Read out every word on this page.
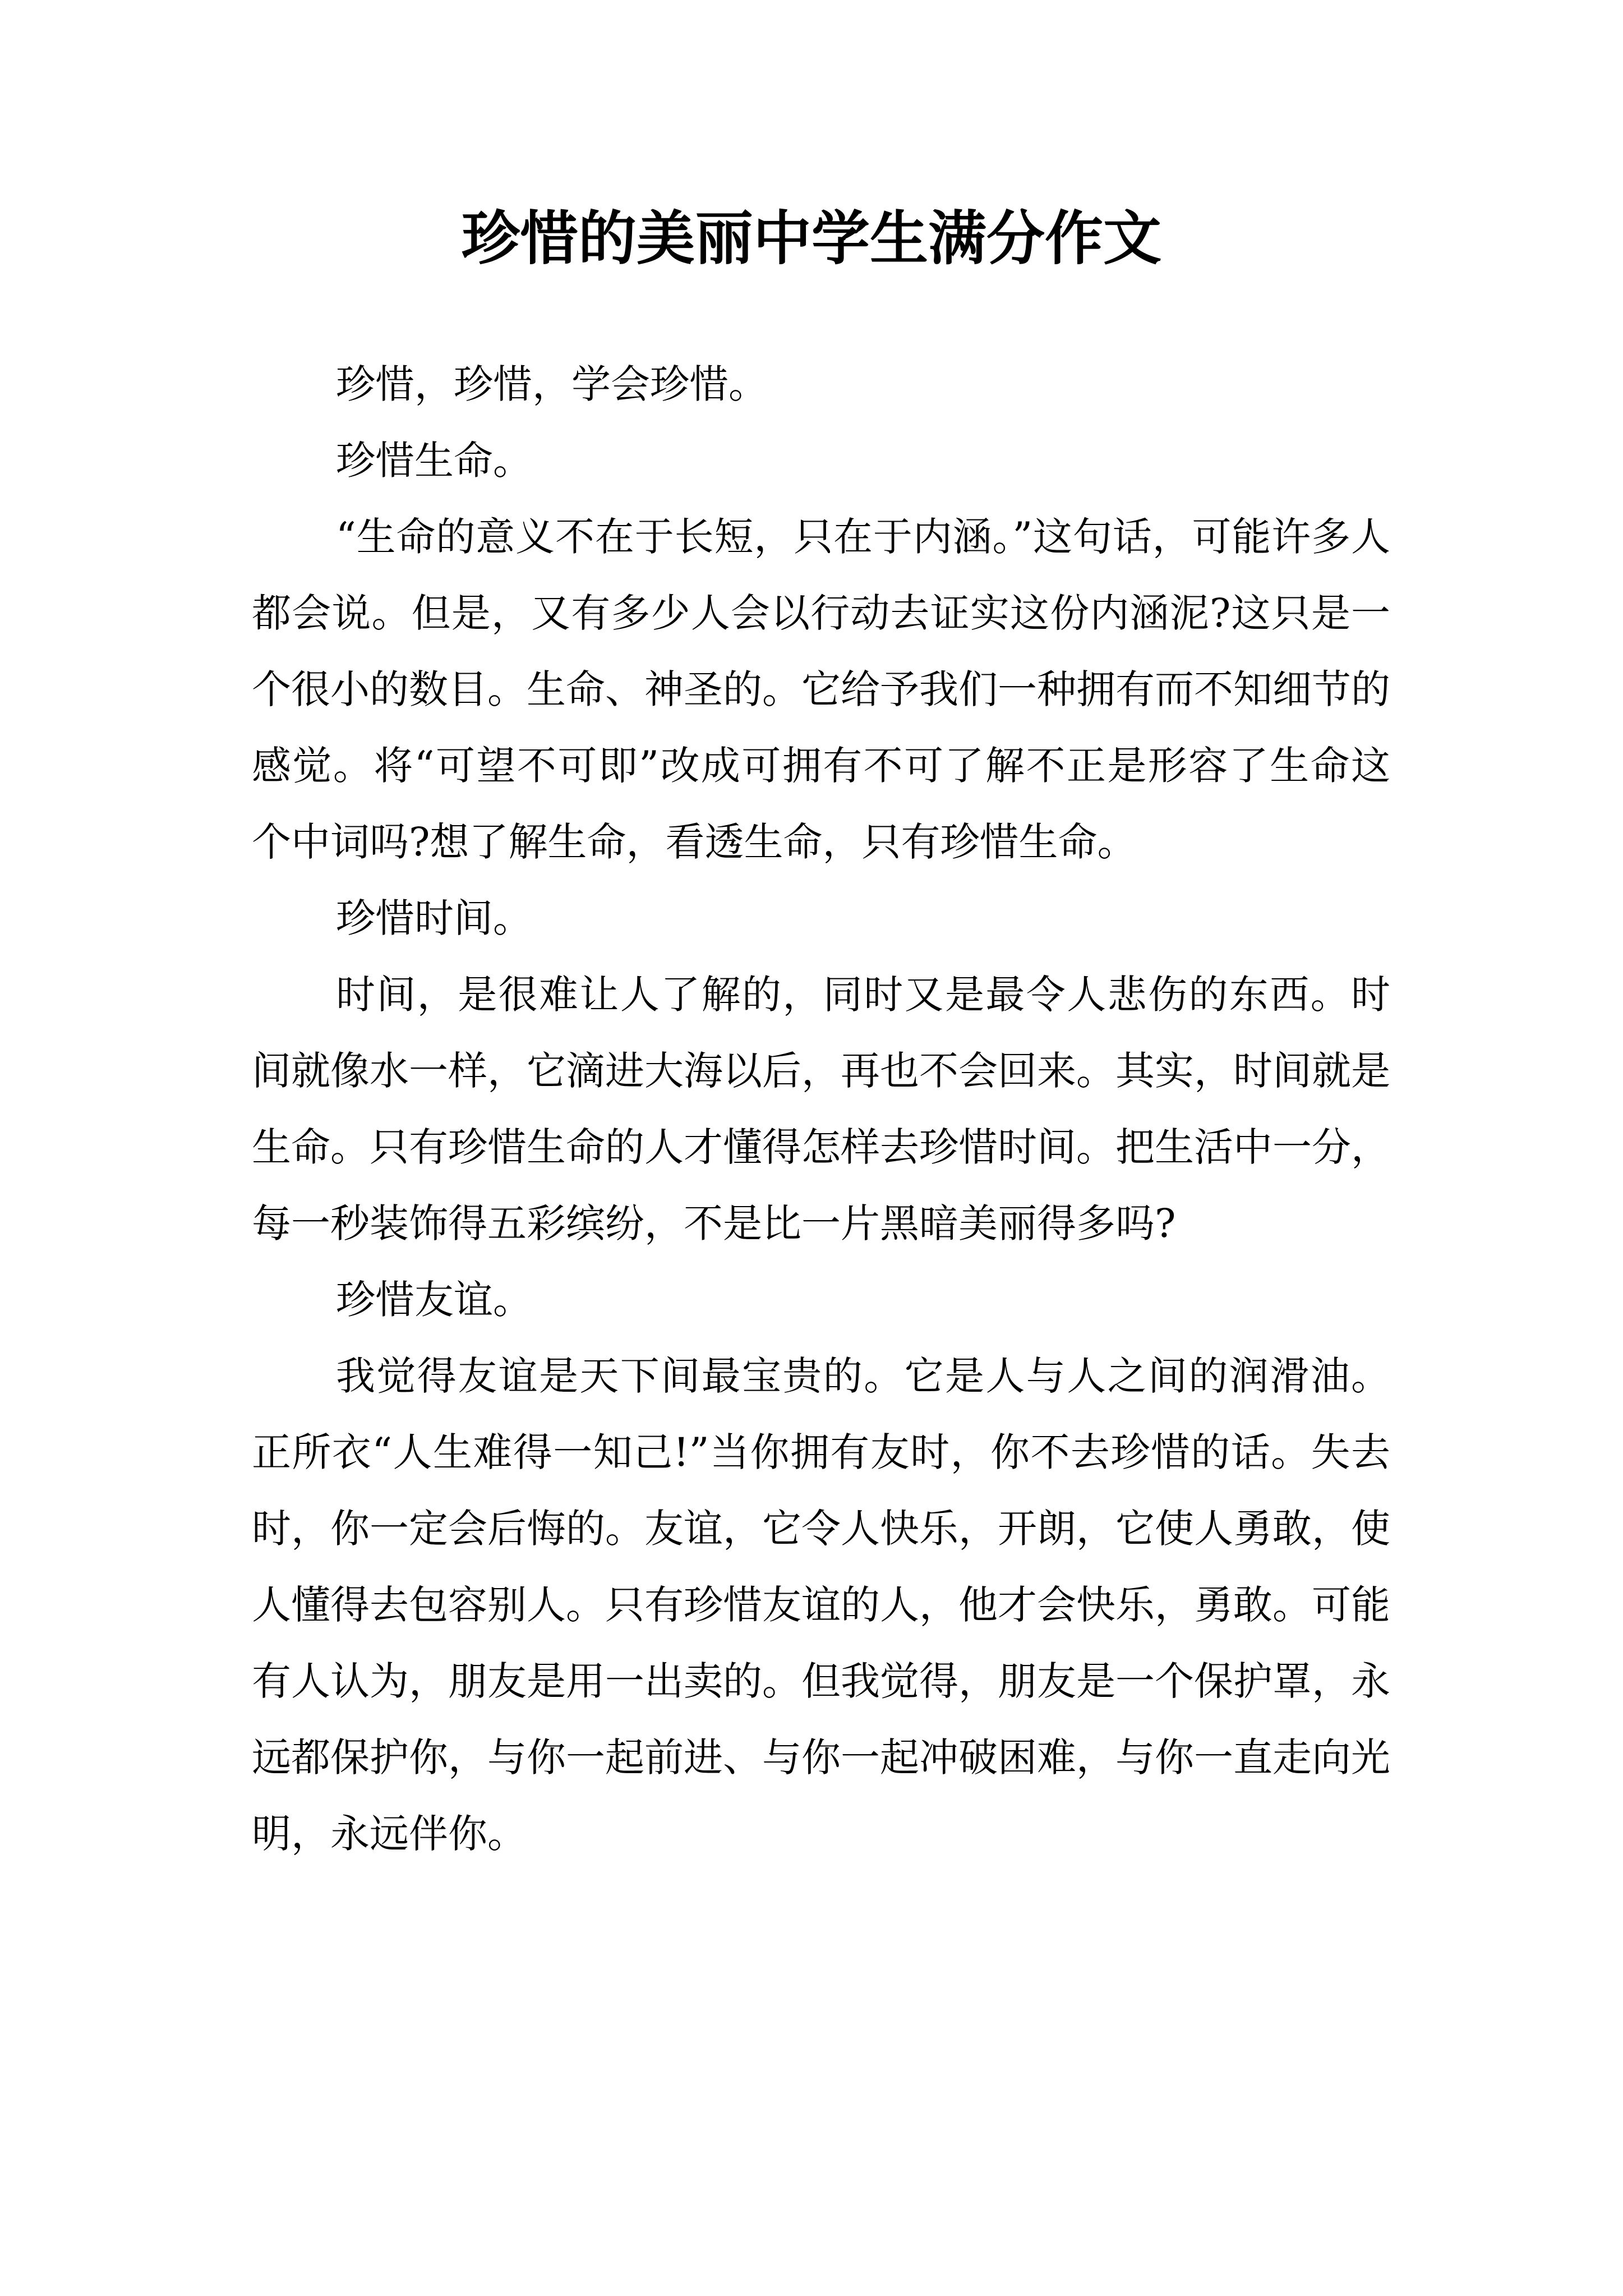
珍惜的美丽中学生满分作文

珍惜，珍惜，学会珍惜。

珍惜生命。

“生命的意义不在于长短，只在于内涵。”这句话，可能许多人都会说。但是，又有多少人会以行动去证实这份内涵泥?这只是一个很小的数目。生命、神圣的。它给予我们一种拥有而不知细节的感觉。将“可望不可即”改成可拥有不可了解不正是形容了生命这个中词吗?想了解生命，看透生命，只有珍惜生命。

珍惜时间。

时间，是很难让人了解的，同时又是最令人悲伤的东西。时间就像水一样，它滴进大海以后，再也不会回来。其实，时间就是生命。只有珍惜生命的人才懂得怎样去珍惜时间。把生活中一分，每一秒装饰得五彩缤纷，不是比一片黑暗美丽得多吗?

珍惜友谊。

我觉得友谊是天下间最宝贵的。它是人与人之间的润滑油。正所衣“人生难得一知己!”当你拥有友时，你不去珍惜的话。失去时，你一定会后悔的。友谊，它令人快乐，开朗，它使人勇敢，使人懂得去包容别人。只有珍惜友谊的人，他才会快乐，勇敢。可能有人认为，朋友是用一出卖的。但我觉得，朋友是一个保护罩，永远都保护你，与你一起前进、与你一起冲破困难，与你一直走向光明，永远伴你。
